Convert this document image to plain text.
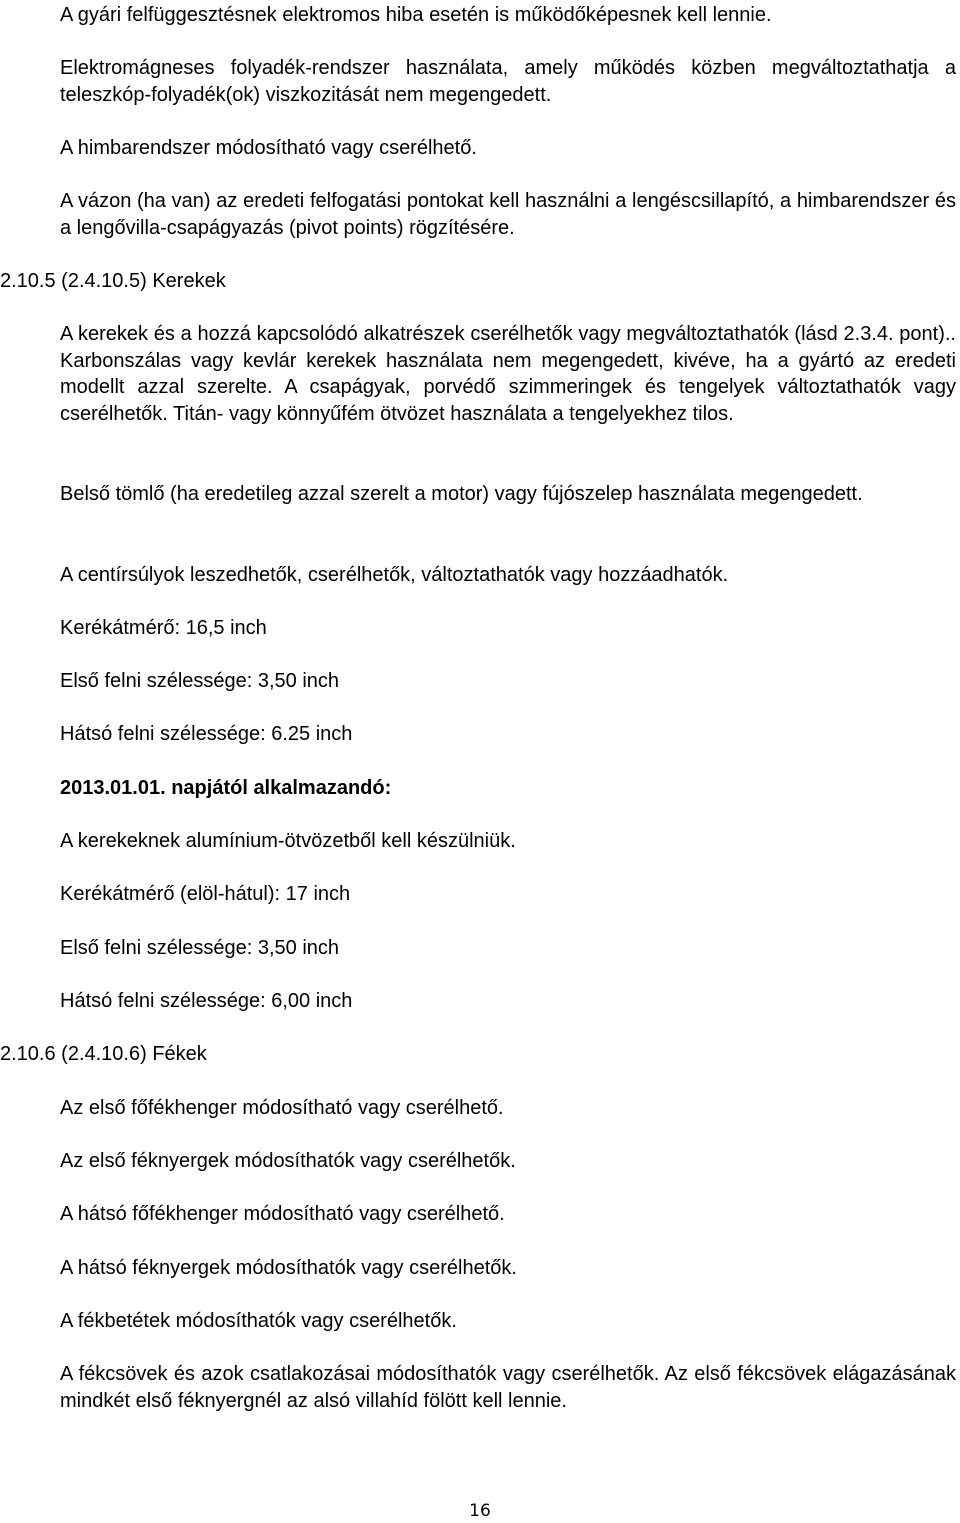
A gyári felfüggesztésnek elektromos hiba esetén is működőképesnek kell lennie.

Elektromágneses folyadék-rendszer használata, amely működés közben megváltoztathatja a teleszkóp-folyadék(ok) viszkozitását nem megengedett.

A himbarendszer módosítható vagy cserélhető.

A vázon (ha van) az eredeti felfogatási pontokat kell használni a lengéscsillapító, a himbarendszer és a lengővilla-csapágyazás (pivot points) rögzítésére.

2.10.5 (2.4.10.5) Kerekek

A kerekek és a hozzá kapcsolódó alkatrészek cserélhetők vagy megváltoztathatók (lásd 2.3.4. pont).. Karbonszálas vagy kevlár kerekek használata nem megengedett, kivéve, ha a gyártó az eredeti modellt azzal szerelte. A csapágyak, porvédő szimmeringek és tengelyek változtathatók vagy cserélhetők. Titán- vagy könnyűfém ötvözet használata a tengelyekhez tilos.

Belső tömlő (ha eredetileg azzal szerelt a motor) vagy fújószelep használata megengedett.

A centírsúlyok leszedhetők, cserélhetők, változtathatók vagy hozzáadhatók.

Kerékátmérő: 16,5 inch

Első felni szélessége: 3,50 inch

Hátsó felni szélessége: 6.25 inch

2013.01.01. napjától alkalmazandó:

A kerekeknek alumínium-ötvözetből kell készülniük.

Kerékátmérő (elöl-hátul): 17 inch

Első felni szélessége: 3,50 inch

Hátsó felni szélessége: 6,00 inch

2.10.6 (2.4.10.6) Fékek

Az első főfékhenger módosítható vagy cserélhető.

Az első féknyergek módosíthatók vagy cserélhetők.

A hátsó főfékhenger módosítható vagy cserélhető.

A hátsó féknyergek módosíthatók vagy cserélhetők.

A fékbetétek módosíthatók vagy cserélhetők.

A fékcsövek és azok csatlakozásai módosíthatók vagy cserélhetők. Az első fékcsövek elágazásának mindkét első féknyergnél az alsó villahíd fölött kell lennie.

16
